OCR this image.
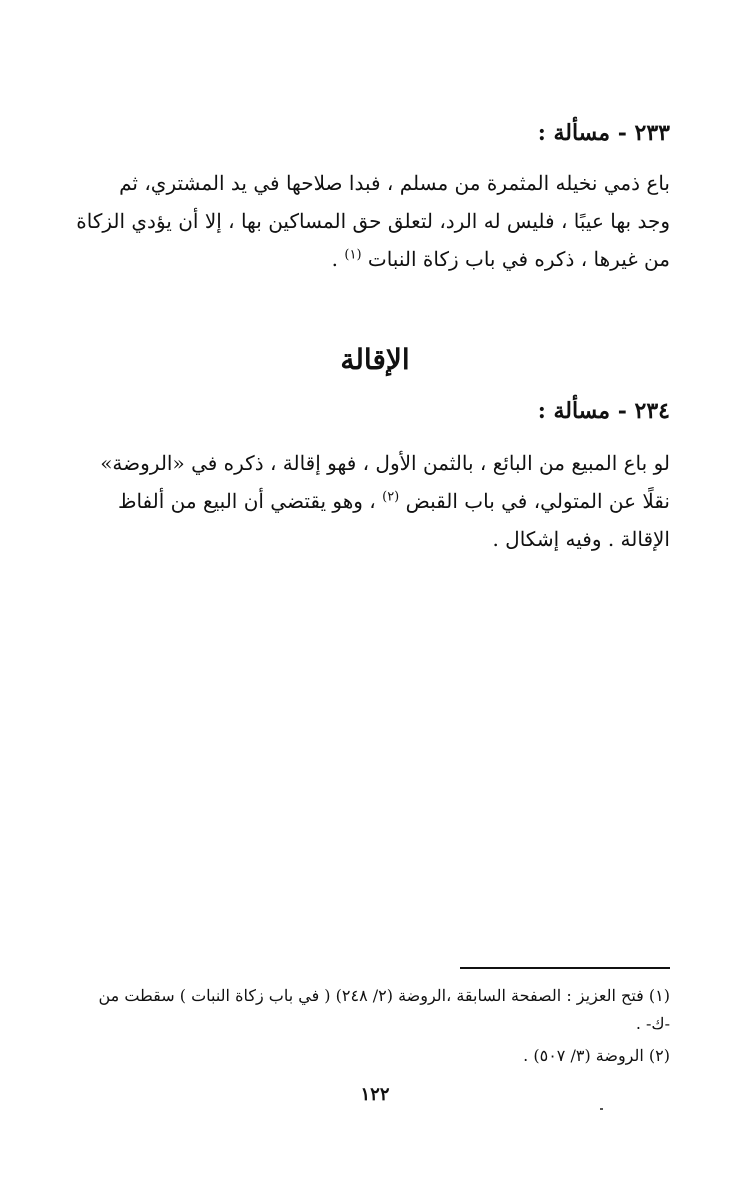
٢٣٣ - مسألة :

باع ذمي نخيله المثمرة من مسلم ، فبدا صلاحها في يد المشتري، ثم

وجد بها عيبًا ، فليس له الرد، لتعلق حق المساكين بها ، إلا أن يؤدي الزكاة

من غيرها ، ذكره في باب زكاة النبات $^{(١)}$ .

الإقالة
٢٣٤ - مسألة :

لو باع المبيع من البائع ، بالثمن الأول ، فهو إقالة ، ذكره في «الروضة»

نقلًا عن المتولي، في باب القبض $^{(٢)}$ ، وهو يقتضي أن البيع من ألفاظ

الإقالة . وفيه إشكال .

(١) فتح العزيز : الصفحة السابقة ،الروضة (٢/ ٢٤٨) ( في باب زكاة النبات ) سقطت من

-ك- .

(٢) الروضة (٣/ ٥٠٧) .

١٢٢
